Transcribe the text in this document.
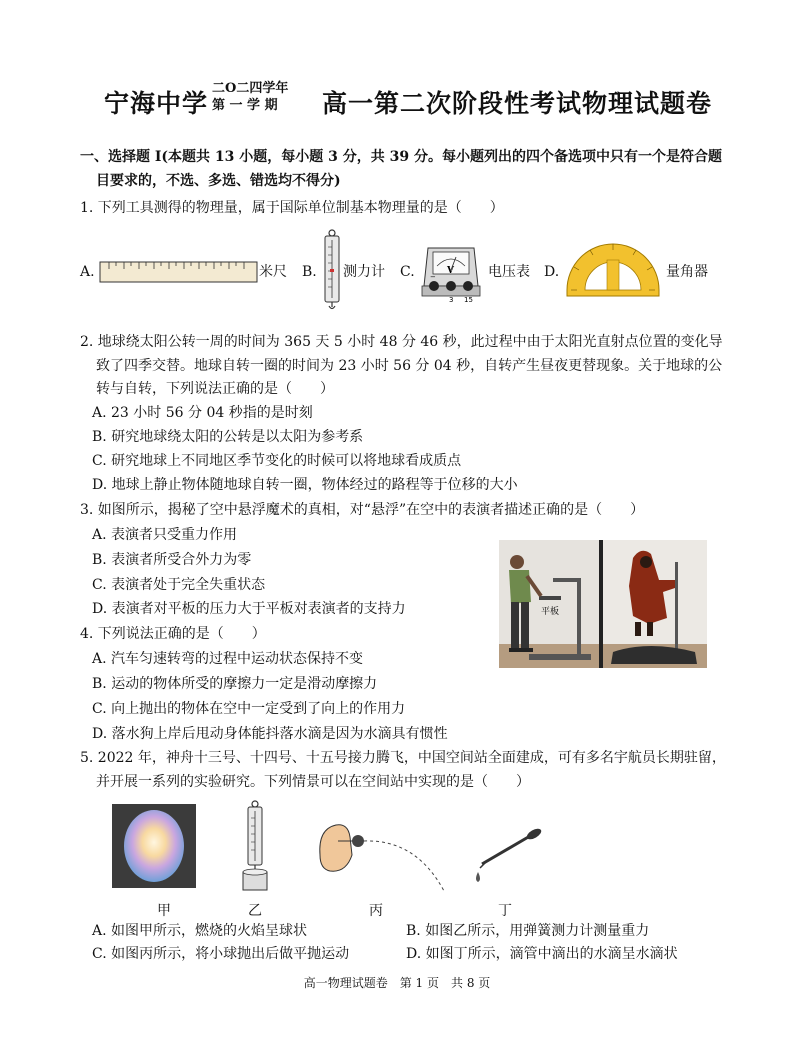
宁海中学
二O二四学年
第 一 学 期	高一第二次阶段性考试物理试题卷
一、选择题 I(本题共 13 小题，每小题 3 分，共 39 分。每小题列出的四个备选项中只有一个是符合题
目要求的，不选、多选、错选均不得分)
1. 下列工具测得的物理量，属于国际单位制基本物理量的是（　　）
A.	米尺 B. 测力计 C.	V
−
3 15
电压表 D.	量角器
2. 地球绕太阳公转一周的时间为 365 天 5 小时 48 分 46 秒，此过程中由于太阳光直射点位置的变化导
致了四季交替。地球自转一圈的时间为 23 小时 56 分 04 秒，自转产生昼夜更替现象。关于地球的公
转与自转，下列说法正确的是（　　）
A. 23 小时 56 分 04 秒指的是时刻
B. 研究地球绕太阳的公转是以太阳为参考系
C. 研究地球上不同地区季节变化的时候可以将地球看成质点
D. 地球上静止物体随地球自转一圈，物体经过的路程等于位移的大小
3. 如图所示，揭秘了空中悬浮魔术的真相，对“悬浮”在空中的表演者描述正确的是（　　）
A. 表演者只受重力作用
B. 表演者所受合外力为零
C. 表演者处于完全失重状态
D. 表演者对平板的压力大于平板对表演者的支持力	平板
4. 下列说法正确的是（　　）
A. 汽车匀速转弯的过程中运动状态保持不变
B. 运动的物体所受的摩擦力一定是滑动摩擦力
C. 向上抛出的物体在空中一定受到了向上的作用力
D. 落水狗上岸后甩动身体能抖落水滴是因为水滴具有惯性
5. 2022 年，神舟十三号、十四号、十五号接力腾飞，中国空间站全面建成，可有多名宇航员长期驻留，
并开展一系列的实验研究。下列情景可以在空间站中实现的是（　　）
甲	乙	丙	丁
A. 如图甲所示，燃烧的火焰呈球状	B. 如图乙所示，用弹簧测力计测量重力
C. 如图丙所示，将小球抛出后做平抛运动	D. 如图丁所示，滴管中滴出的水滴呈水滴状
高一物理试题卷　第 1 页　共 8 页
